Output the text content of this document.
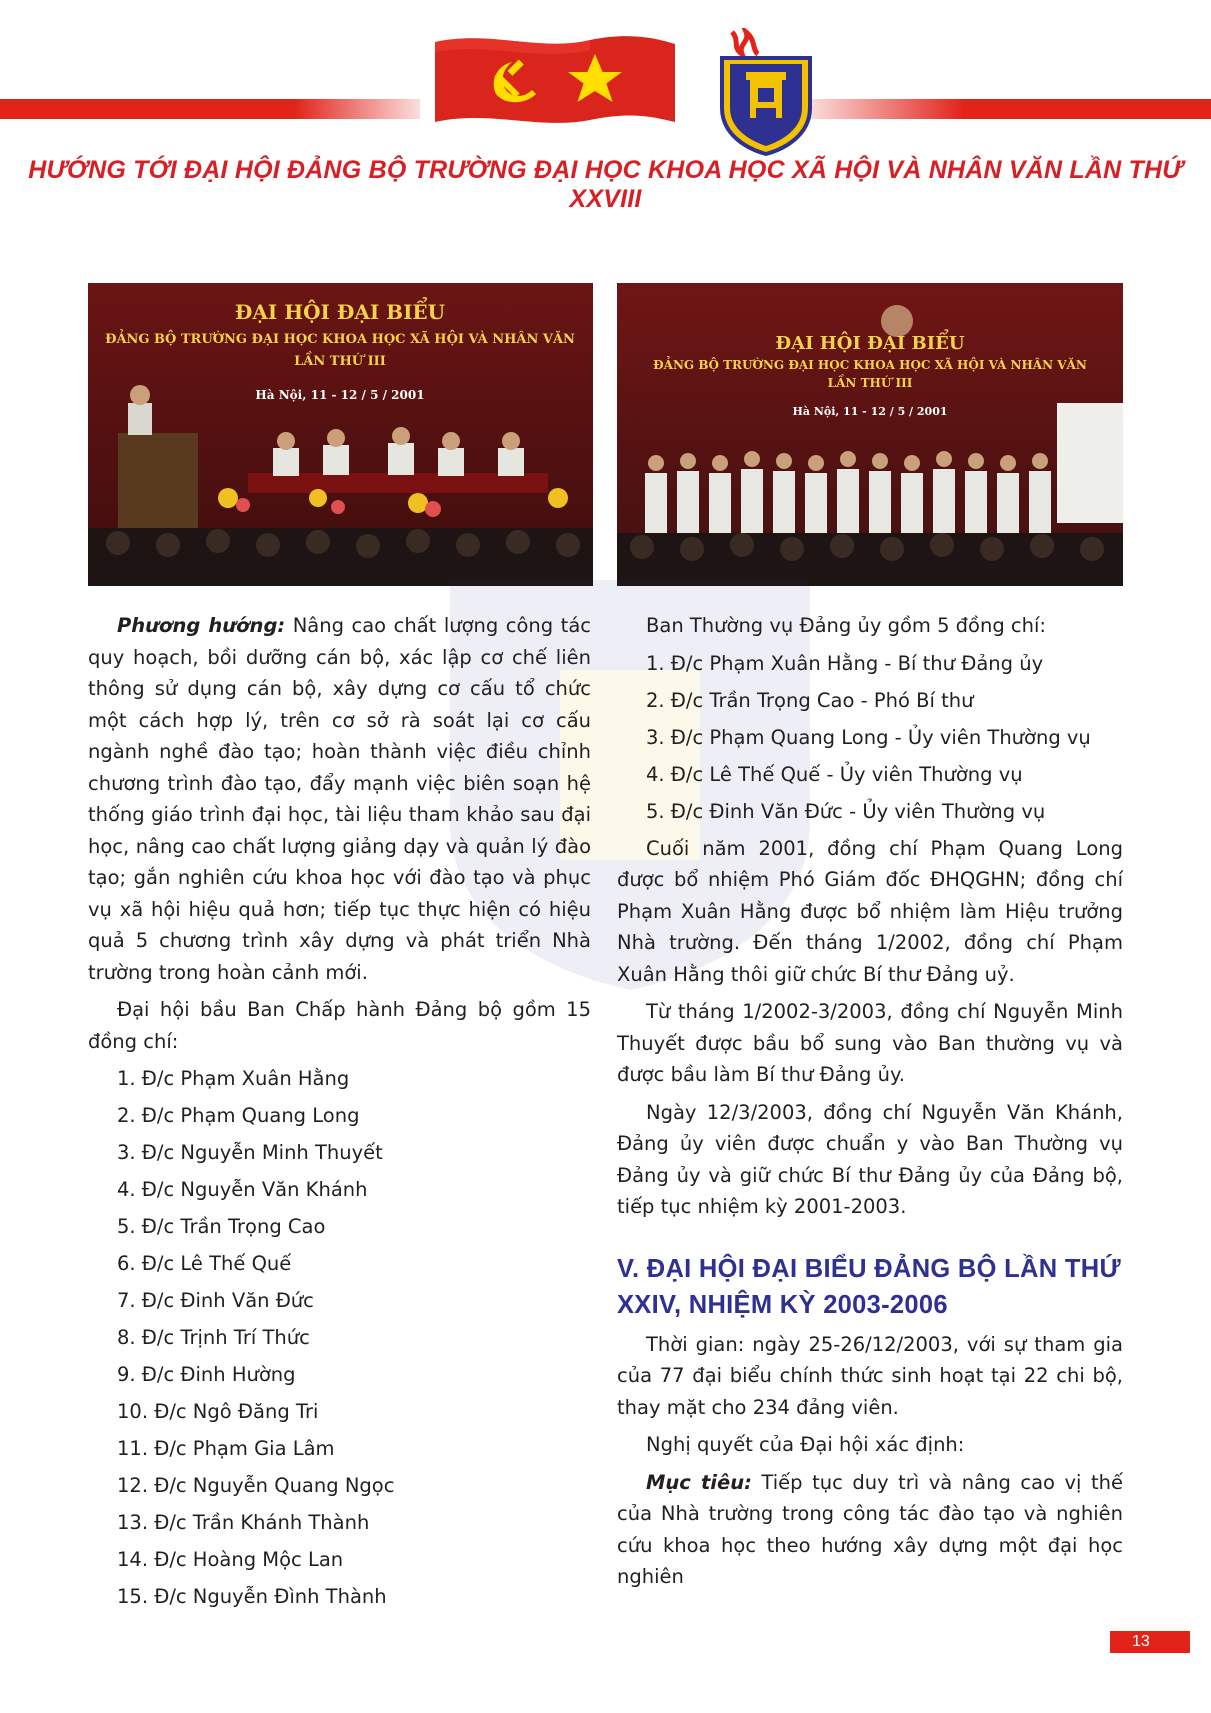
HƯỚNG TỚI ĐẠI HỘI ĐẢNG BỘ TRƯỜNG ĐẠI HỌC KHOA HỌC XÃ HỘI VÀ NHÂN VĂN LẦN THỨ XXVIII
ĐẠI HỘI ĐẠI BIỂU
ĐẢNG BỘ TRƯỜNG ĐẠI HỌC KHOA HỌC XÃ HỘI VÀ NHÂN VĂN
LẦN THỨ III
Hà Nội, 11 - 12 / 5 / 2001
ĐẠI HỘI ĐẠI BIỂU
ĐẢNG BỘ TRƯỜNG ĐẠI HỌC KHOA HỌC XÃ HỘI VÀ NHÂN VĂN
LẦN THỨ III
Hà Nội, 11 - 12 / 5 / 2001

Phương hướng: Nâng cao chất lượng công tác quy hoạch, bồi dưỡng cán bộ, xác lập cơ chế liên thông sử dụng cán bộ, xây dựng cơ cấu tổ chức một cách hợp lý, trên cơ sở rà soát lại cơ cấu ngành nghề đào tạo; hoàn thành việc điều chỉnh chương trình đào tạo, đẩy mạnh việc biên soạn hệ thống giáo trình đại học, tài liệu tham khảo sau đại học, nâng cao chất lượng giảng dạy và quản lý đào tạo; gắn nghiên cứu khoa học với đào tạo và phục vụ xã hội hiệu quả hơn; tiếp tục thực hiện có hiệu quả 5 chương trình xây dựng và phát triển Nhà trường trong hoàn cảnh mới.

Đại hội bầu Ban Chấp hành Đảng bộ gồm 15 đồng chí:

1. Đ/c Phạm Xuân Hằng
2. Đ/c Phạm Quang Long
3. Đ/c Nguyễn Minh Thuyết
4. Đ/c Nguyễn Văn Khánh
5. Đ/c Trần Trọng Cao
6. Đ/c Lê Thế Quế
7. Đ/c Đinh Văn Đức
8. Đ/c Trịnh Trí Thức
9. Đ/c Đinh Hường
10. Đ/c Ngô Đăng Tri
11. Đ/c Phạm Gia Lâm
12. Đ/c Nguyễn Quang Ngọc
13. Đ/c Trần Khánh Thành
14. Đ/c Hoàng Mộc Lan
15. Đ/c Nguyễn Đình Thành

Ban Thường vụ Đảng ủy gồm 5 đồng chí:

1. Đ/c Phạm Xuân Hằng - Bí thư Đảng ủy
2. Đ/c Trần Trọng Cao - Phó Bí thư
3. Đ/c Phạm Quang Long - Ủy viên Thường vụ
4. Đ/c Lê Thế Quế - Ủy viên Thường vụ
5. Đ/c Đinh Văn Đức - Ủy viên Thường vụ

Cuối năm 2001, đồng chí Phạm Quang Long được bổ nhiệm Phó Giám đốc ĐHQGHN; đồng chí Phạm Xuân Hằng được bổ nhiệm làm Hiệu trưởng Nhà trường. Đến tháng 1/2002, đồng chí Phạm Xuân Hằng thôi giữ chức Bí thư Đảng uỷ.

Từ tháng 1/2002-3/2003, đồng chí Nguyễn Minh Thuyết được bầu bổ sung vào Ban thường vụ và được bầu làm Bí thư Đảng ủy.

Ngày 12/3/2003, đồng chí Nguyễn Văn Khánh, Đảng ủy viên được chuẩn y vào Ban Thường vụ Đảng ủy và giữ chức Bí thư Đảng ủy của Đảng bộ, tiếp tục nhiệm kỳ 2001-2003.

V. ĐẠI HỘI ĐẠI BIỂU ĐẢNG BỘ LẦN THỨ XXIV, NHIỆM KỲ 2003-2006

Thời gian: ngày 25-26/12/2003, với sự tham gia của 77 đại biểu chính thức sinh hoạt tại 22 chi bộ, thay mặt cho 234 đảng viên.

Nghị quyết của Đại hội xác định:

Mục tiêu: Tiếp tục duy trì và nâng cao vị thế của Nhà trường trong công tác đào tạo và nghiên cứu khoa học theo hướng xây dựng một đại học nghiên

13
